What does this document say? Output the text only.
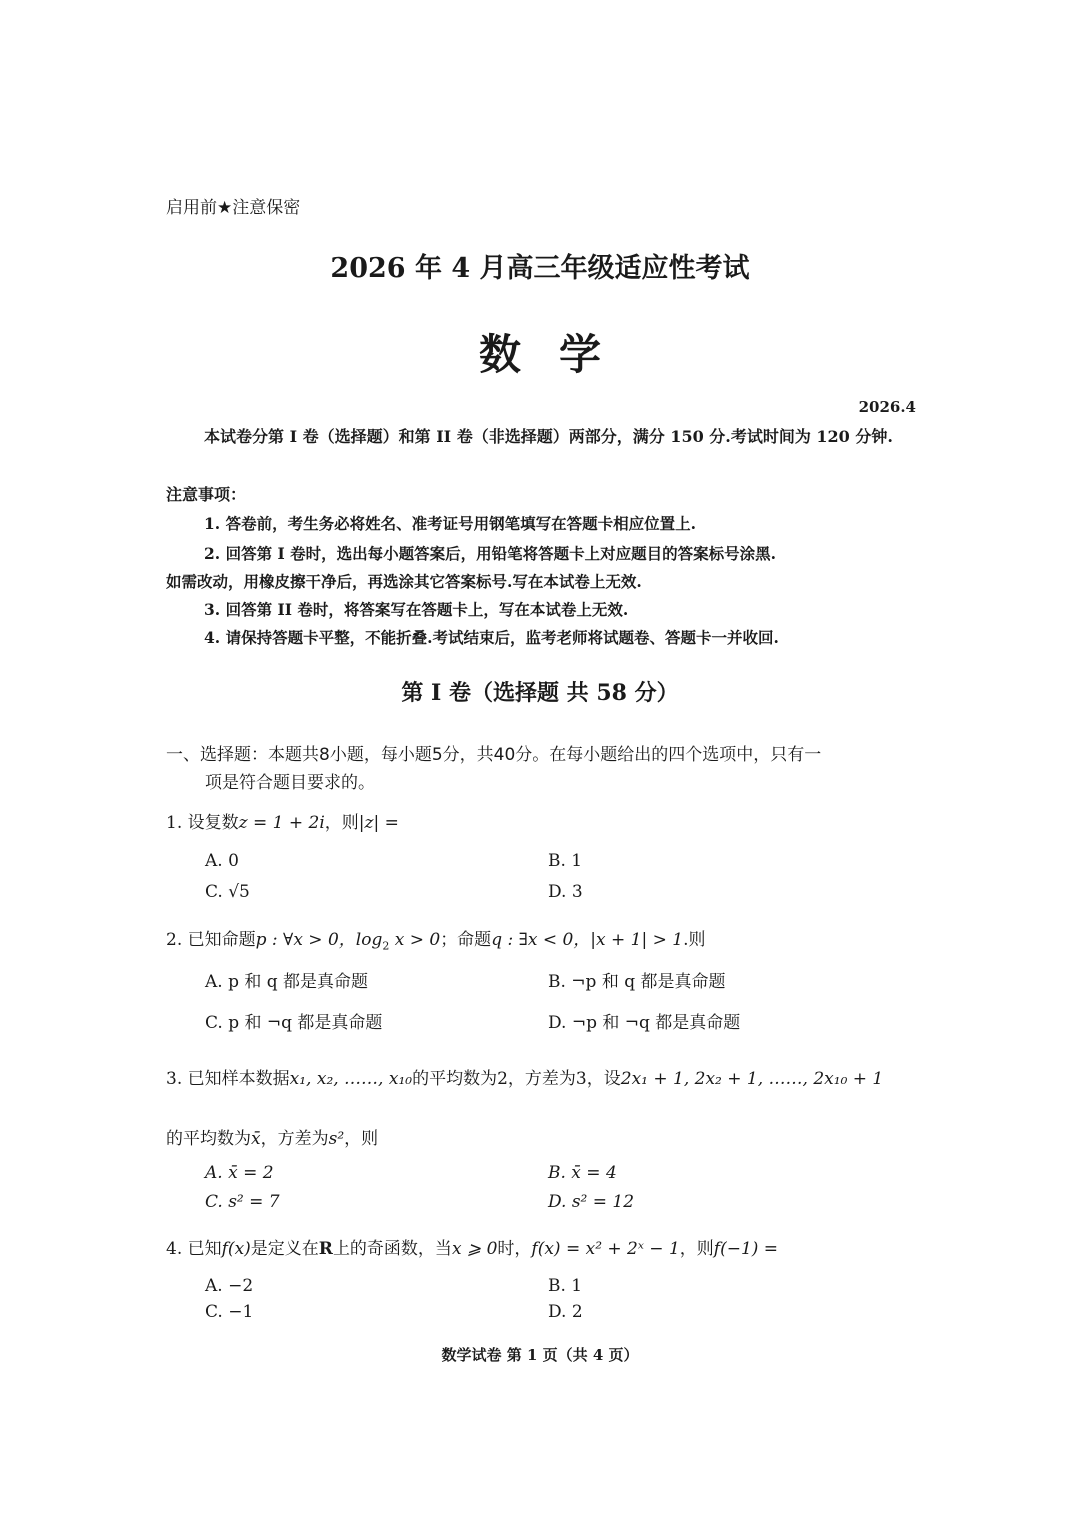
启用前★注意保密
2026 年 4 月高三年级适应性考试
数学
2026.4
本试卷分第 I 卷（选择题）和第 II 卷（非选择题）两部分，满分 150 分.考试时间为 120 分钟.
注意事项：
1. 答卷前，考生务必将姓名、准考证号用钢笔填写在答题卡相应位置上.
2. 回答第 I 卷时，选出每小题答案后，用铅笔将答题卡上对应题目的答案标号涂黑.
如需改动，用橡皮擦干净后，再选涂其它答案标号.写在本试卷上无效.
3. 回答第 II 卷时，将答案写在答题卡上，写在本试卷上无效.
4. 请保持答题卡平整，不能折叠.考试结束后，监考老师将试题卷、答题卡一并收回.
第 I 卷（选择题 共 58 分）
一、选择题：本题共8小题，每小题5分，共40分。在每小题给出的四个选项中，只有一
项是符合题目要求的。
1. 设复数z = 1 + 2i，则|z| =
A. 0	B. 1
C. √5	D. 3
2. 已知命题p : ∀x > 0，$\log_2 x > 0$；命题q : ∃x < 0，|x + 1| > 1.则
A. p 和 q 都是真命题	B. ¬p 和 q 都是真命题
C. p 和 ¬q 都是真命题	D. ¬p 和 ¬q 都是真命题
3. 已知样本数据x₁, x₂, ……, x₁₀的平均数为2，方差为3，设2x₁ + 1, 2x₂ + 1, ……, 2x₁₀ + 1
的平均数为x̄，方差为s²，则
A. x̄ = 2	B. x̄ = 4
C. s² = 7	D. s² = 12
4. 已知f(x)是定义在R上的奇函数，当x ⩾ 0时，f(x) = x² + 2ˣ − 1，则f(−1) =
A. −2	B. 1
C. −1	D. 2
数学试卷 第 1 页（共 4 页）
